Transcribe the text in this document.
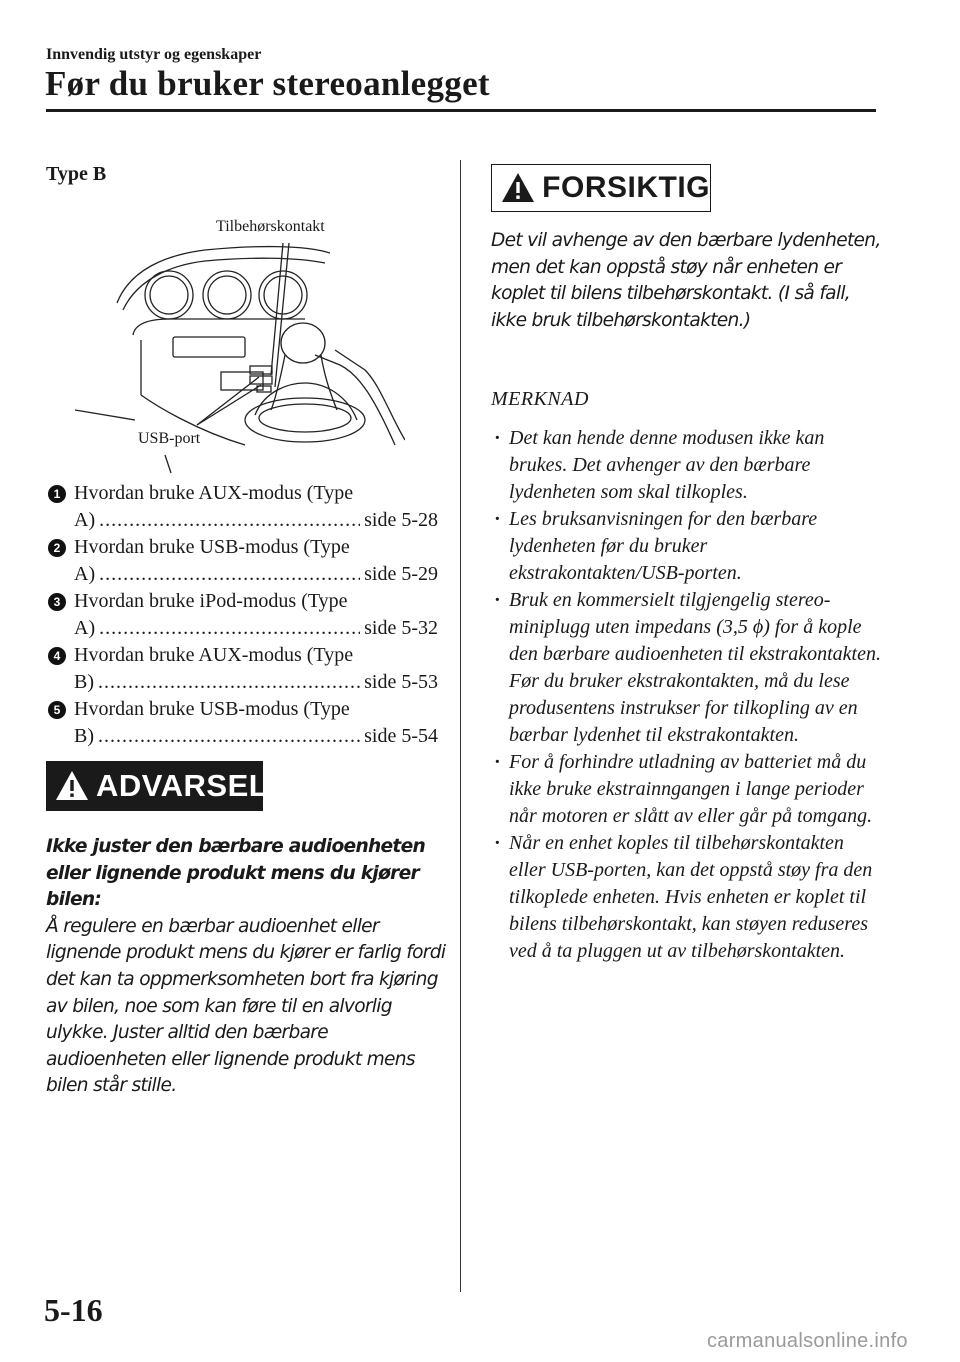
Innvendig utstyr og egenskaper
Før du bruker stereoanlegget
Type B
Tilbehørskontakt
USB-port
1 Hvordan bruke AUX-modus (Type
A) .....	side 5-28
2 Hvordan bruke USB-modus (Type
A) .....	side 5-29
3 Hvordan bruke iPod-modus (Type
A) .....	side 5-32
4 Hvordan bruke AUX-modus (Type
B) .....	side 5-53
5 Hvordan bruke USB-modus (Type
B) .....	side 5-54
ADVARSEL
Ikke juster den bærbare audioenheten eller lignende produkt mens du kjører bilen:
Å regulere en bærbar audioenhet eller lignende produkt mens du kjører er farlig fordi det kan ta oppmerksomheten bort fra kjøring av bilen, noe som kan føre til en alvorlig ulykke. Juster alltid den bærbare audioenheten eller lignende produkt mens bilen står stille.
FORSIKTIG
Det vil avhenge av den bærbare lydenheten, men det kan oppstå støy når enheten er koplet til bilens tilbehørskontakt. (I så fall, ikke bruk tilbehørskontakten.)
MERKNAD
· Det kan hende denne modusen ikke kan brukes. Det avhenger av den bærbare lydenheten som skal tilkoples.
· Les bruksanvisningen for den bærbare lydenheten før du bruker ekstrakontakten/USB-porten.
· Bruk en kommersielt tilgjengelig stereo-miniplugg uten impedans (3,5 ϕ) for å kople den bærbare audioenheten til ekstrakontakten. Før du bruker ekstrakontakten, må du lese produsentens instrukser for tilkopling av en bærbar lydenhet til ekstrakontakten.
· For å forhindre utladning av batteriet må du ikke bruke ekstrainngangen i lange perioder når motoren er slått av eller går på tomgang.
· Når en enhet koples til tilbehørskontakten eller USB-porten, kan det oppstå støy fra den tilkoplede enheten. Hvis enheten er koplet til bilens tilbehørskontakt, kan støyen reduseres ved å ta pluggen ut av tilbehørskontakten.
5-16
carmanualsonline.info
